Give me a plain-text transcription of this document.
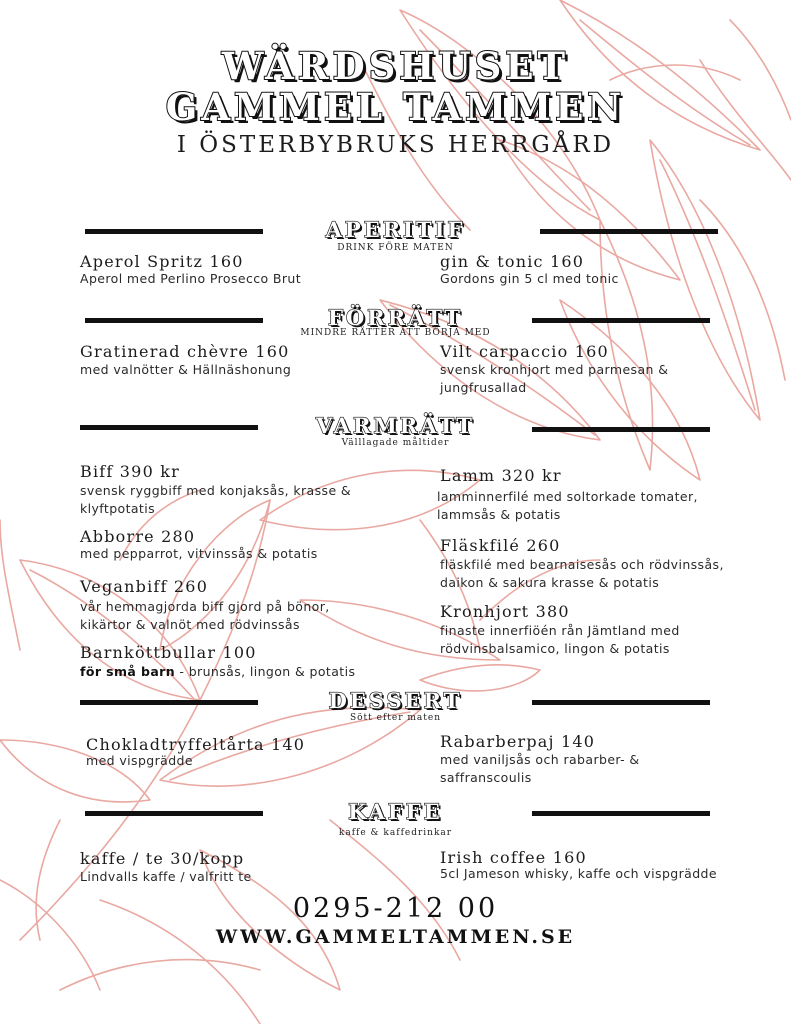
WÄRDSHUSET
GAMMEL TAMMEN
I ÖSTERBYBRUKS HERRGÅRD
APERITIF
DRINK FÖRE MATEN
Aperol Spritz 160
Aperol med Perlino Prosecco Brut
gin & tonic 160
Gordons gin 5 cl med tonic
FÖRRÄTT
MINDRE RÄTTER ATT BÖRJA MED
Gratinerad chèvre 160
med valnötter & Hällnäshonung
Vilt carpaccio 160
svensk kronhjort med parmesan & jungfrusallad
VARMRÄTT
Välllagade måltider
Biff 390 kr
svensk ryggbiff med konjaksås, krasse & klyftpotatis
Abborre 280
med pepparrot, vitvinssås & potatis
Veganbiff 260
vår hemmagjorda biff gjord på bönor, kikärtor & valnöt med rödvinssås
Barnköttbullar 100
för små barn - brunsås, lingon & potatis
Lamm 320 kr
lamminnerfilé med soltorkade tomater, lammsås & potatis
Fläskfilé 260
fläskfilé med bearnaisesås och rödvinssås, daikon & sakura krasse & potatis
Kronhjort 380
finaste innerfiöén rån Jämtland med rödvinsbalsamico, lingon & potatis
DESSERT
Sött efter maten
Chokladtryffeltårta 140
med vispgrädde
Rabarberpaj 140
med vaniljsås och rabarber- & saffranscoulis
KAFFE
kaffe & kaffedrinkar
kaffe / te 30/kopp
Lindvalls kaffe / valfritt te
Irish coffee 160
5cl Jameson whisky, kaffe och vispgrädde
0295-212 00
WWW.GAMMELTAMMEN.SE
